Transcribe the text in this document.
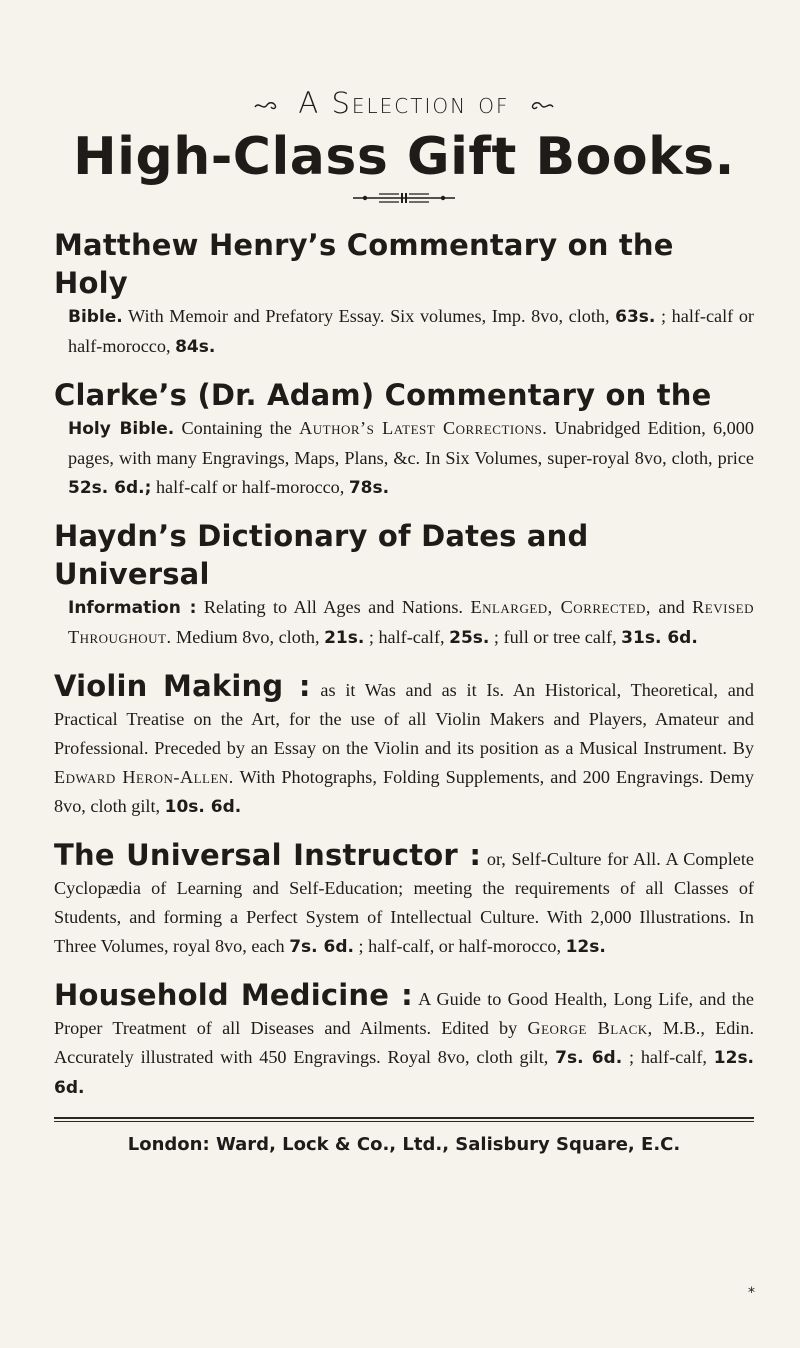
A Selection of
High-Class Gift Books.
Matthew Henry’s Commentary on the Holy
Bible. With Memoir and Prefatory Essay. Six volumes, Imp. 8vo, cloth, 63s. ; half-calf or half-morocco, 84s.
Clarke’s (Dr. Adam) Commentary on the
Holy Bible. Containing the Author’s Latest Corrections. Unabridged Edition, 6,000 pages, with many Engravings, Maps, Plans, &c. In Six Volumes, super-royal 8vo, cloth, price 52s. 6d.; half-calf or half-morocco, 78s.
Haydn’s Dictionary of Dates and Universal
Information : Relating to All Ages and Nations. Enlarged, Corrected, and Revised Throughout. Medium 8vo, cloth, 21s. ; half-calf, 25s. ; full or tree calf, 31s. 6d.
Violin Making : as it Was and as it Is. An Historical, Theoretical, and Practical Treatise on the Art, for the use of all Violin Makers and Players, Amateur and Professional. Preceded by an Essay on the Violin and its position as a Musical Instrument. By Edward Heron-Allen. With Photographs, Folding Supplements, and 200 Engravings. Demy 8vo, cloth gilt, 10s. 6d.
The Universal Instructor : or, Self-Culture for All. A Complete Cyclopædia of Learning and Self-Education; meeting the requirements of all Classes of Students, and forming a Perfect System of Intellectual Culture. With 2,000 Illustrations. In Three Volumes, royal 8vo, each 7s. 6d. ; half-calf, or half-morocco, 12s.
Household Medicine : A Guide to Good Health, Long Life, and the Proper Treatment of all Diseases and Ailments. Edited by George Black, M.B., Edin. Accurately illustrated with 450 Engravings. Royal 8vo, cloth gilt, 7s. 6d. ; half-calf, 12s. 6d.
London: Ward, Lock & Co., Ltd., Salisbury Square, E.C.
*
